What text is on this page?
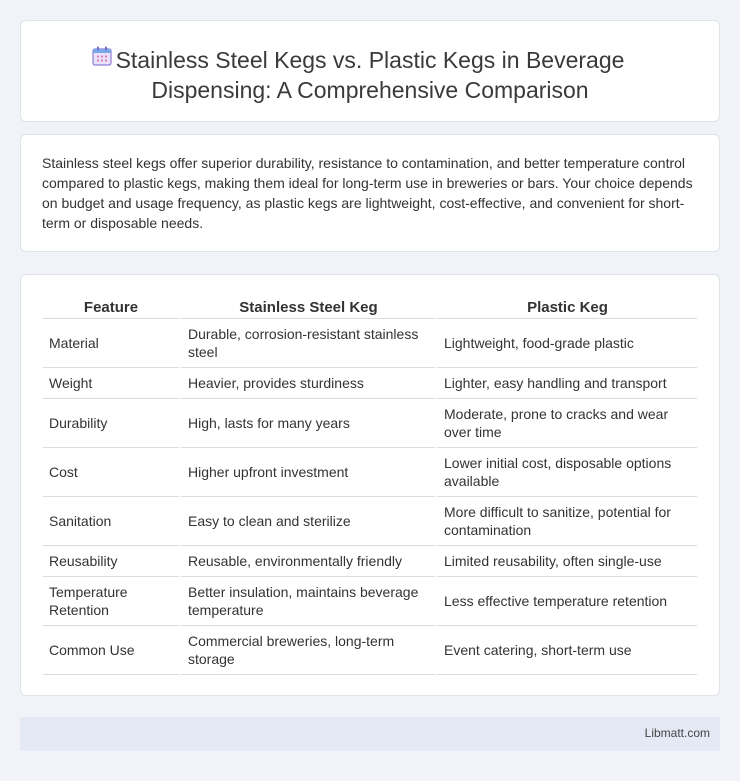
Stainless Steel Kegs vs. Plastic Kegs in Beverage Dispensing: A Comprehensive Comparison

Stainless steel kegs offer superior durability, resistance to contamination, and better temperature control compared to plastic kegs, making them ideal for long-term use in breweries or bars. Your choice depends on budget and usage frequency, as plastic kegs are lightweight, cost-effective, and convenient for short-term or disposable needs.

Feature	Stainless Steel Keg	Plastic Keg
Material	Durable, corrosion-resistant stainless steel	Lightweight, food-grade plastic
Weight	Heavier, provides sturdiness	Lighter, easy handling and transport
Durability	High, lasts for many years	Moderate, prone to cracks and wear over time
Cost	Higher upfront investment	Lower initial cost, disposable options available
Sanitation	Easy to clean and sterilize	More difficult to sanitize, potential for contamination
Reusability	Reusable, environmentally friendly	Limited reusability, often single-use
Temperature Retention	Better insulation, maintains beverage temperature	Less effective temperature retention
Common Use	Commercial breweries, long-term storage	Event catering, short-term use
Libmatt.com
